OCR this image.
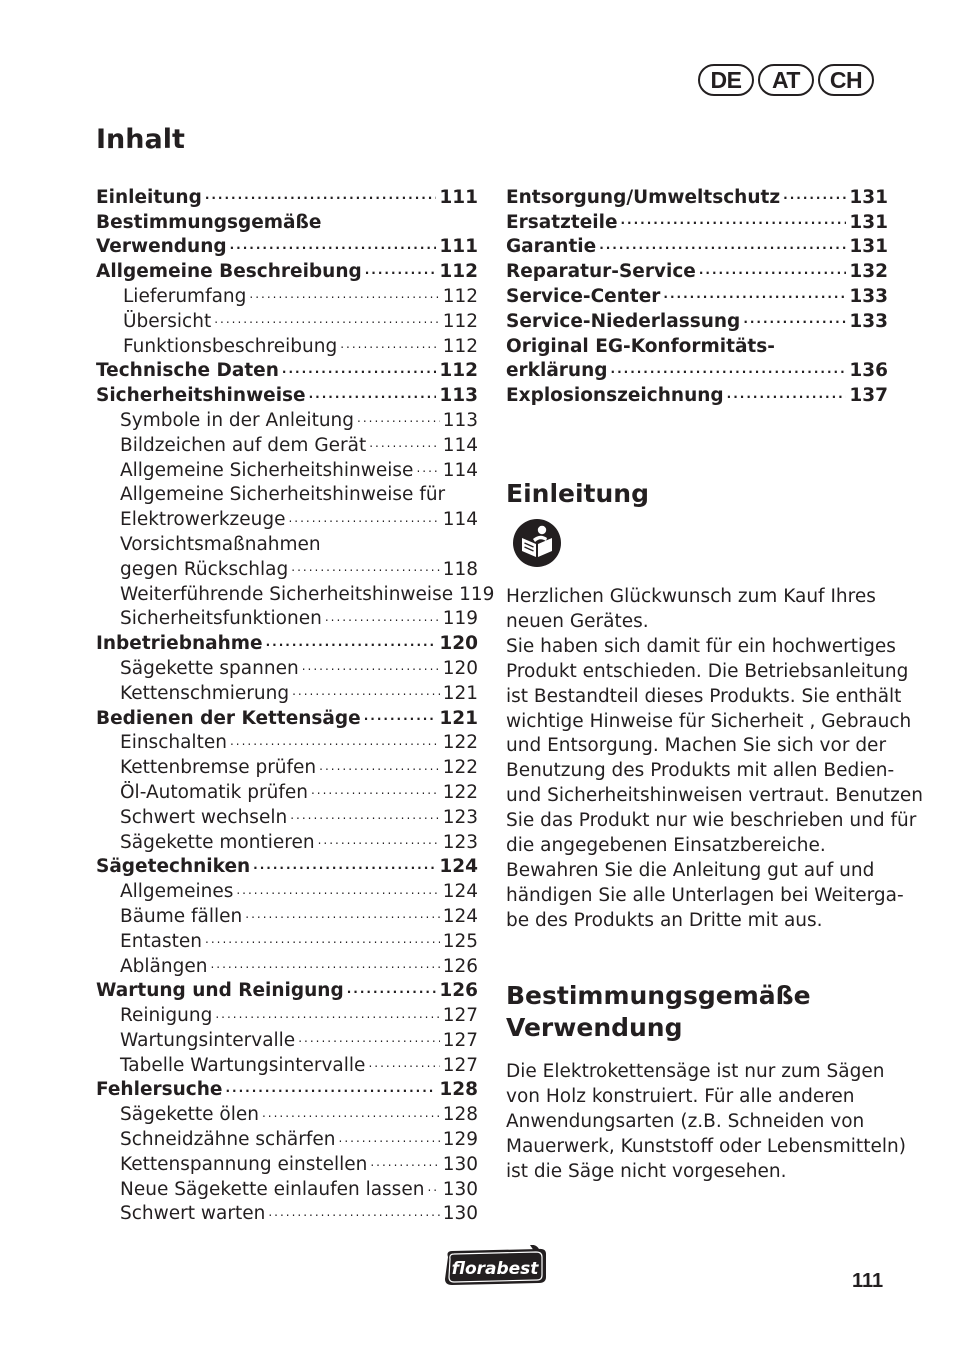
DE	AT	CH
Inhalt
Einleitung .....	111
Bestimmungsgemäße
Verwendung .....	111
Allgemeine Beschreibung .....	112
Lieferumfang .....	112
Übersicht .....	112
Funktionsbeschreibung .....	112
Technische Daten .....	112
Sicherheitshinweise .....	113
Symbole in der Anleitung .....	113
Bildzeichen auf dem Gerät .....	114
Allgemeine Sicherheitshinweise ..... 114
Allgemeine Sicherheitshinweise für
Elektrowerkzeuge .....	114
Vorsichtsmaßnahmen
gegen Rückschlag .....	118
Weiterführende Sicherheitshinweise 119
Sicherheitsfunktionen .....	119
Inbetriebnahme .....	120
Sägekette spannen .....	120
Kettenschmierung .....	121
Bedienen der Kettensäge .....	121
Einschalten .....	122
Kettenbremse prüfen .....	122
Öl-Automatik prüfen .....	122
Schwert wechseln .....	123
Sägekette montieren .....	123
Sägetechniken .....	124
Allgemeines .....	124
Bäume fällen .....	124
Entasten .....	125
Ablängen .....	126
Wartung und Reinigung .....	126
Reinigung .....	127
Wartungsintervalle .....	127
Tabelle Wartungsintervalle .....	127
Fehlersuche .....	128
Sägekette ölen .....	128
Schneidzähne schärfen .....	129
Kettenspannung einstellen .....	130
Neue Sägekette einlaufen lassen ..... 130
Schwert warten .....	130
Entsorgung/Umweltschutz .....	131
Ersatzteile .....	131
Garantie .....	131
Reparatur-Service .....	132
Service-Center .....	133
Service-Niederlassung .....	133
Original EG-Konformitäts-
erklärung .....	136
Explosionszeichnung .....	137
Einleitung
Herzlichen Glückwunsch zum Kauf Ihres
neuen Gerätes.
Sie haben sich damit für ein hochwertiges
Produkt entschieden. Die Betriebsanleitung
ist Bestandteil dieses Produkts. Sie enthält
wichtige Hinweise für Sicherheit , Gebrauch
und Entsorgung. Machen Sie sich vor der
Benutzung des Produkts mit allen Bedien-
und Sicherheitshinweisen vertraut. Benutzen
Sie das Produkt nur wie beschrieben und für
die angegebenen Einsatzbereiche.
Bewahren Sie die Anleitung gut auf und
händigen Sie alle Unterlagen bei Weiterga-
be des Produkts an Dritte mit aus.
Bestimmungsgemäße
Verwendung
Die Elektrokettensäge ist nur zum Sägen
von Holz konstruiert. Für alle anderen
Anwendungsarten (z.B. Schneiden von
Mauerwerk, Kunststoff oder Lebensmitteln)
ist die Säge nicht vorgesehen.
florabest
111
